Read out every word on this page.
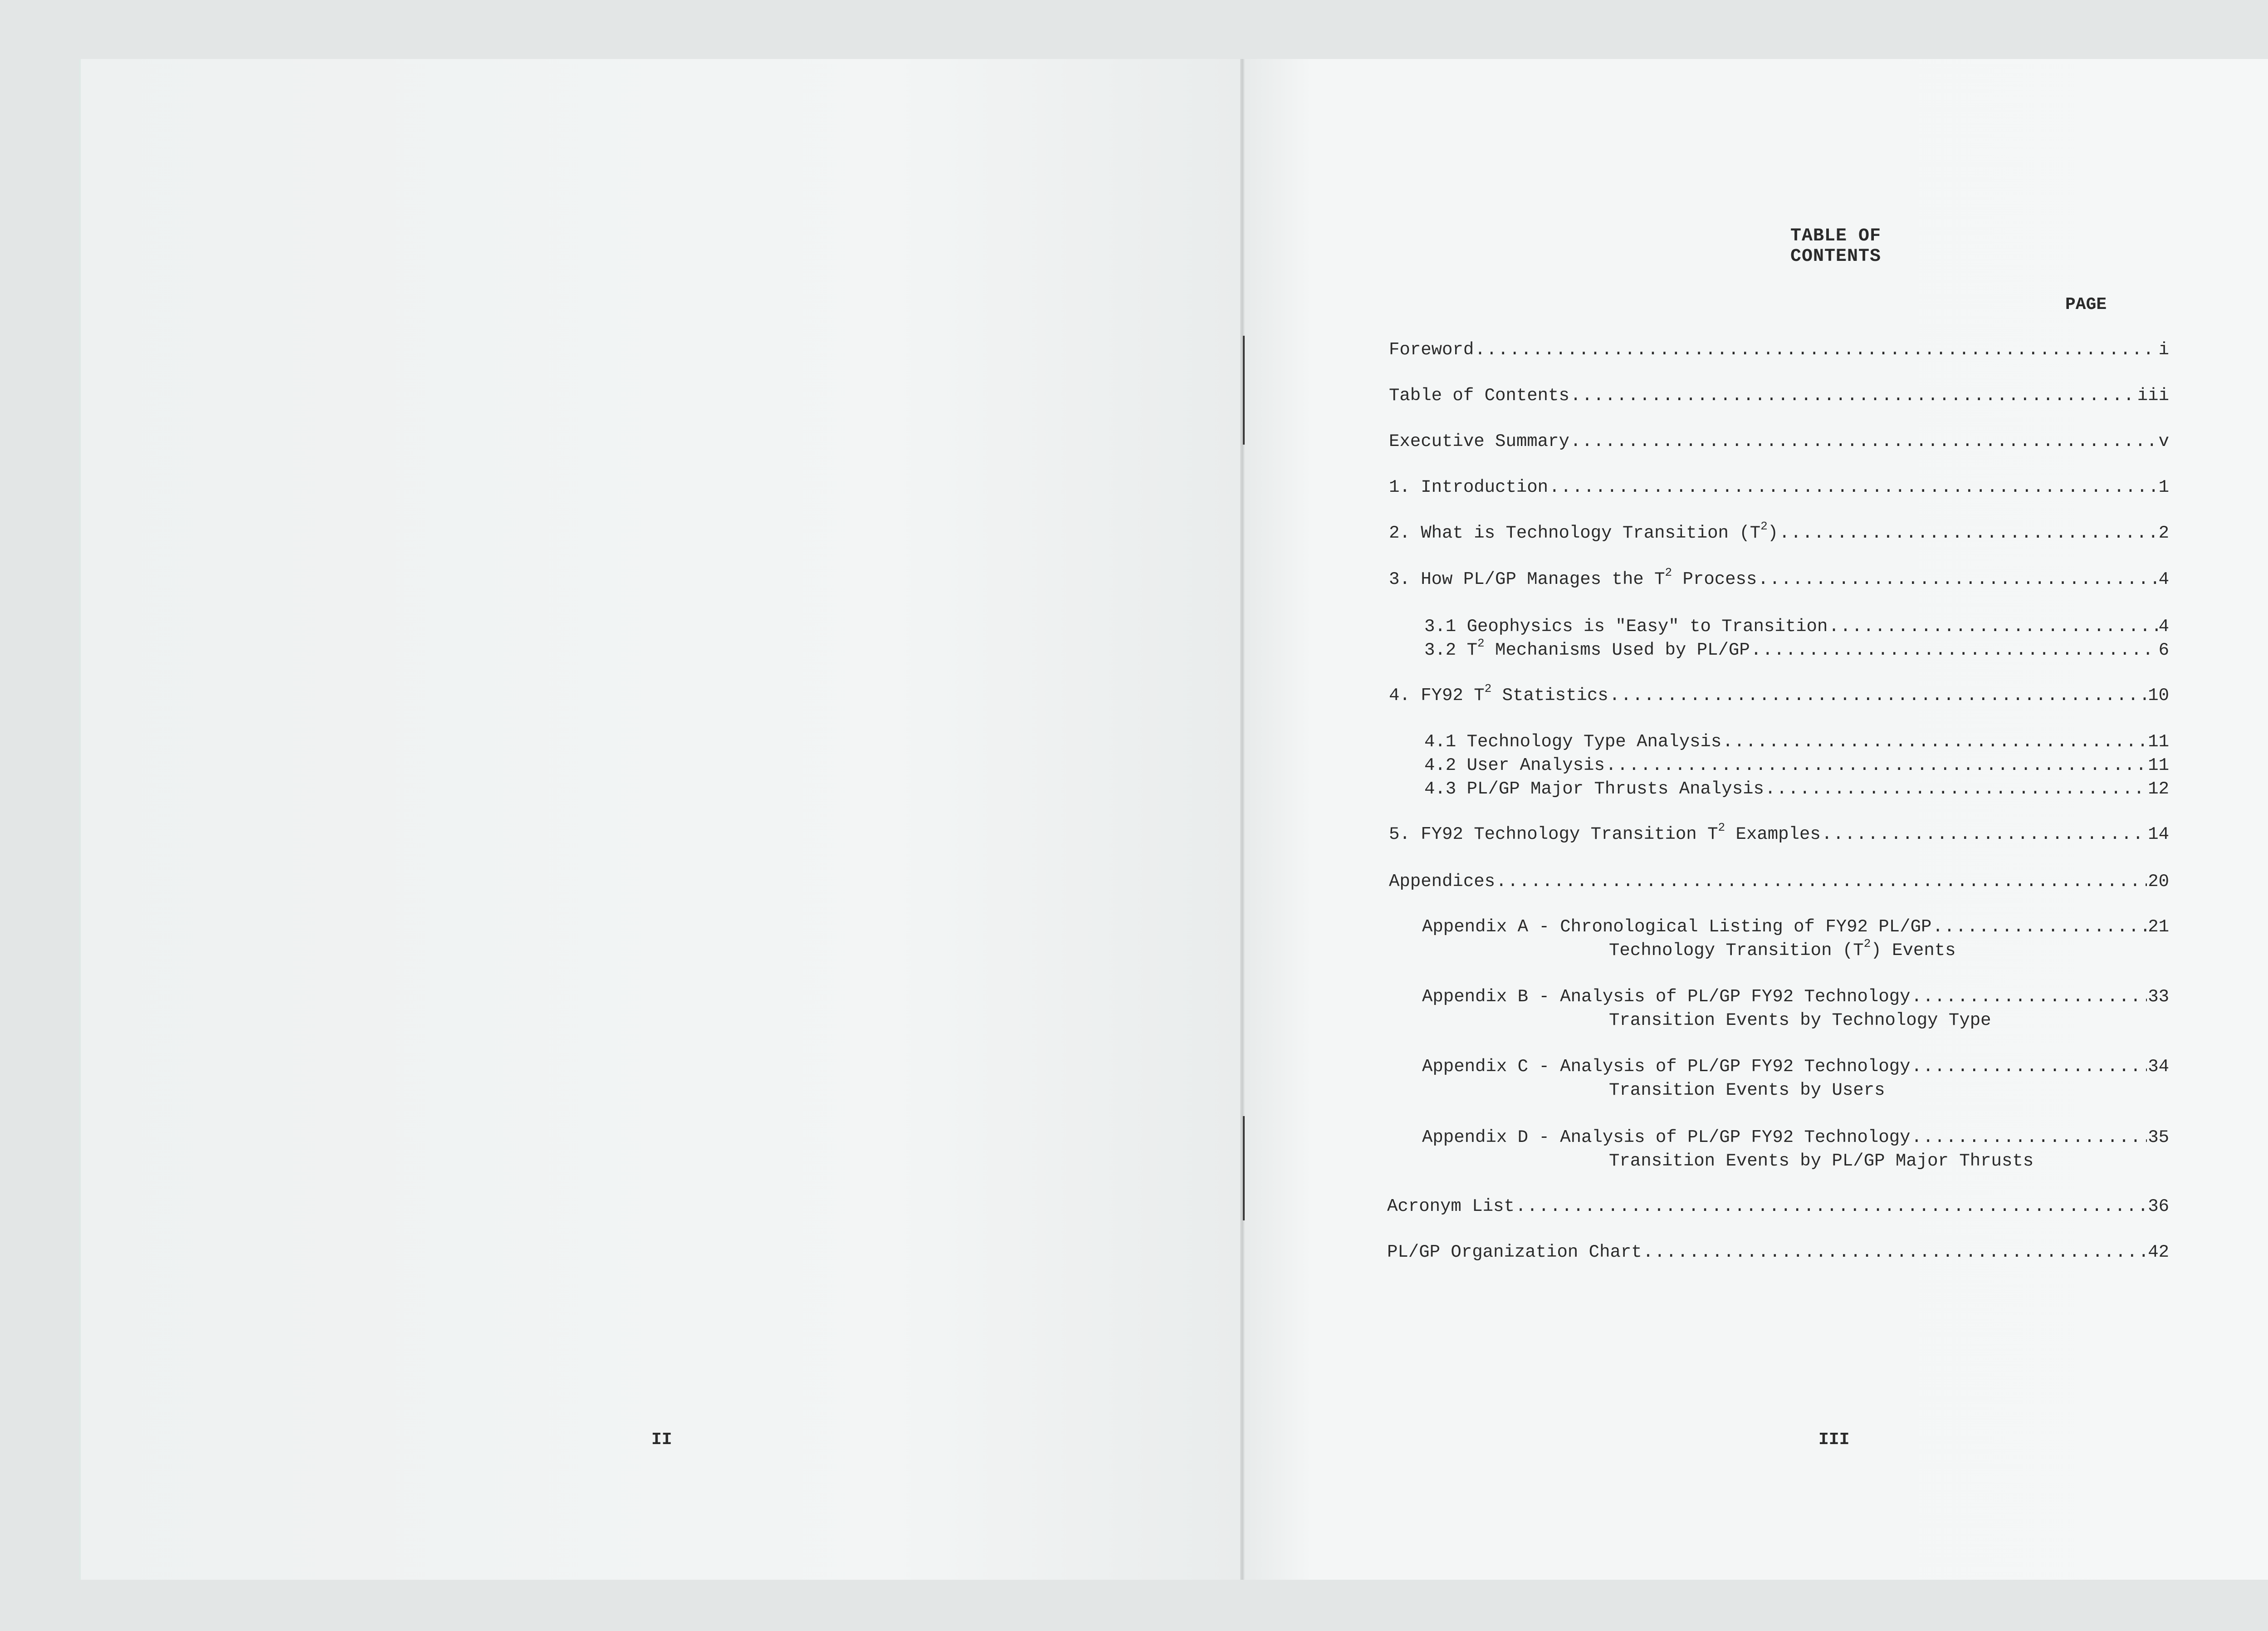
II
TABLE OF CONTENTS
PAGE
Foreword .....	i
Table of Contents .....	iii
Executive Summary .....	v
1. Introduction .....	1
2. What is Technology Transition $(T^2)$ .....	2
3. How PL/GP Manages the $T^2$ Process .....	4
3.1 Geophysics is "Easy" to Transition .....	4
3.2 $T^2$ Mechanisms Used by PL/GP .....	6
4. FY92 $T^2$ Statistics .....	10
4.1 Technology Type Analysis .....	11
4.2 User Analysis .....	11
4.3 PL/GP Major Thrusts Analysis .....	12
5. FY92 Technology Transition $T^2$ Examples .....	14
Appendices .....	20
Appendix A - Chronological Listing of FY92 PL/GP .....	21
Technology Transition $(T^2)$ Events
Appendix B - Analysis of PL/GP FY92 Technology .....	33
Transition Events by Technology Type
Appendix C - Analysis of PL/GP FY92 Technology .....	34
Transition Events by Users
Appendix D - Analysis of PL/GP FY92 Technology .....	35
Transition Events by PL/GP Major Thrusts
Acronym List .....	36
PL/GP Organization Chart .....	42
III
